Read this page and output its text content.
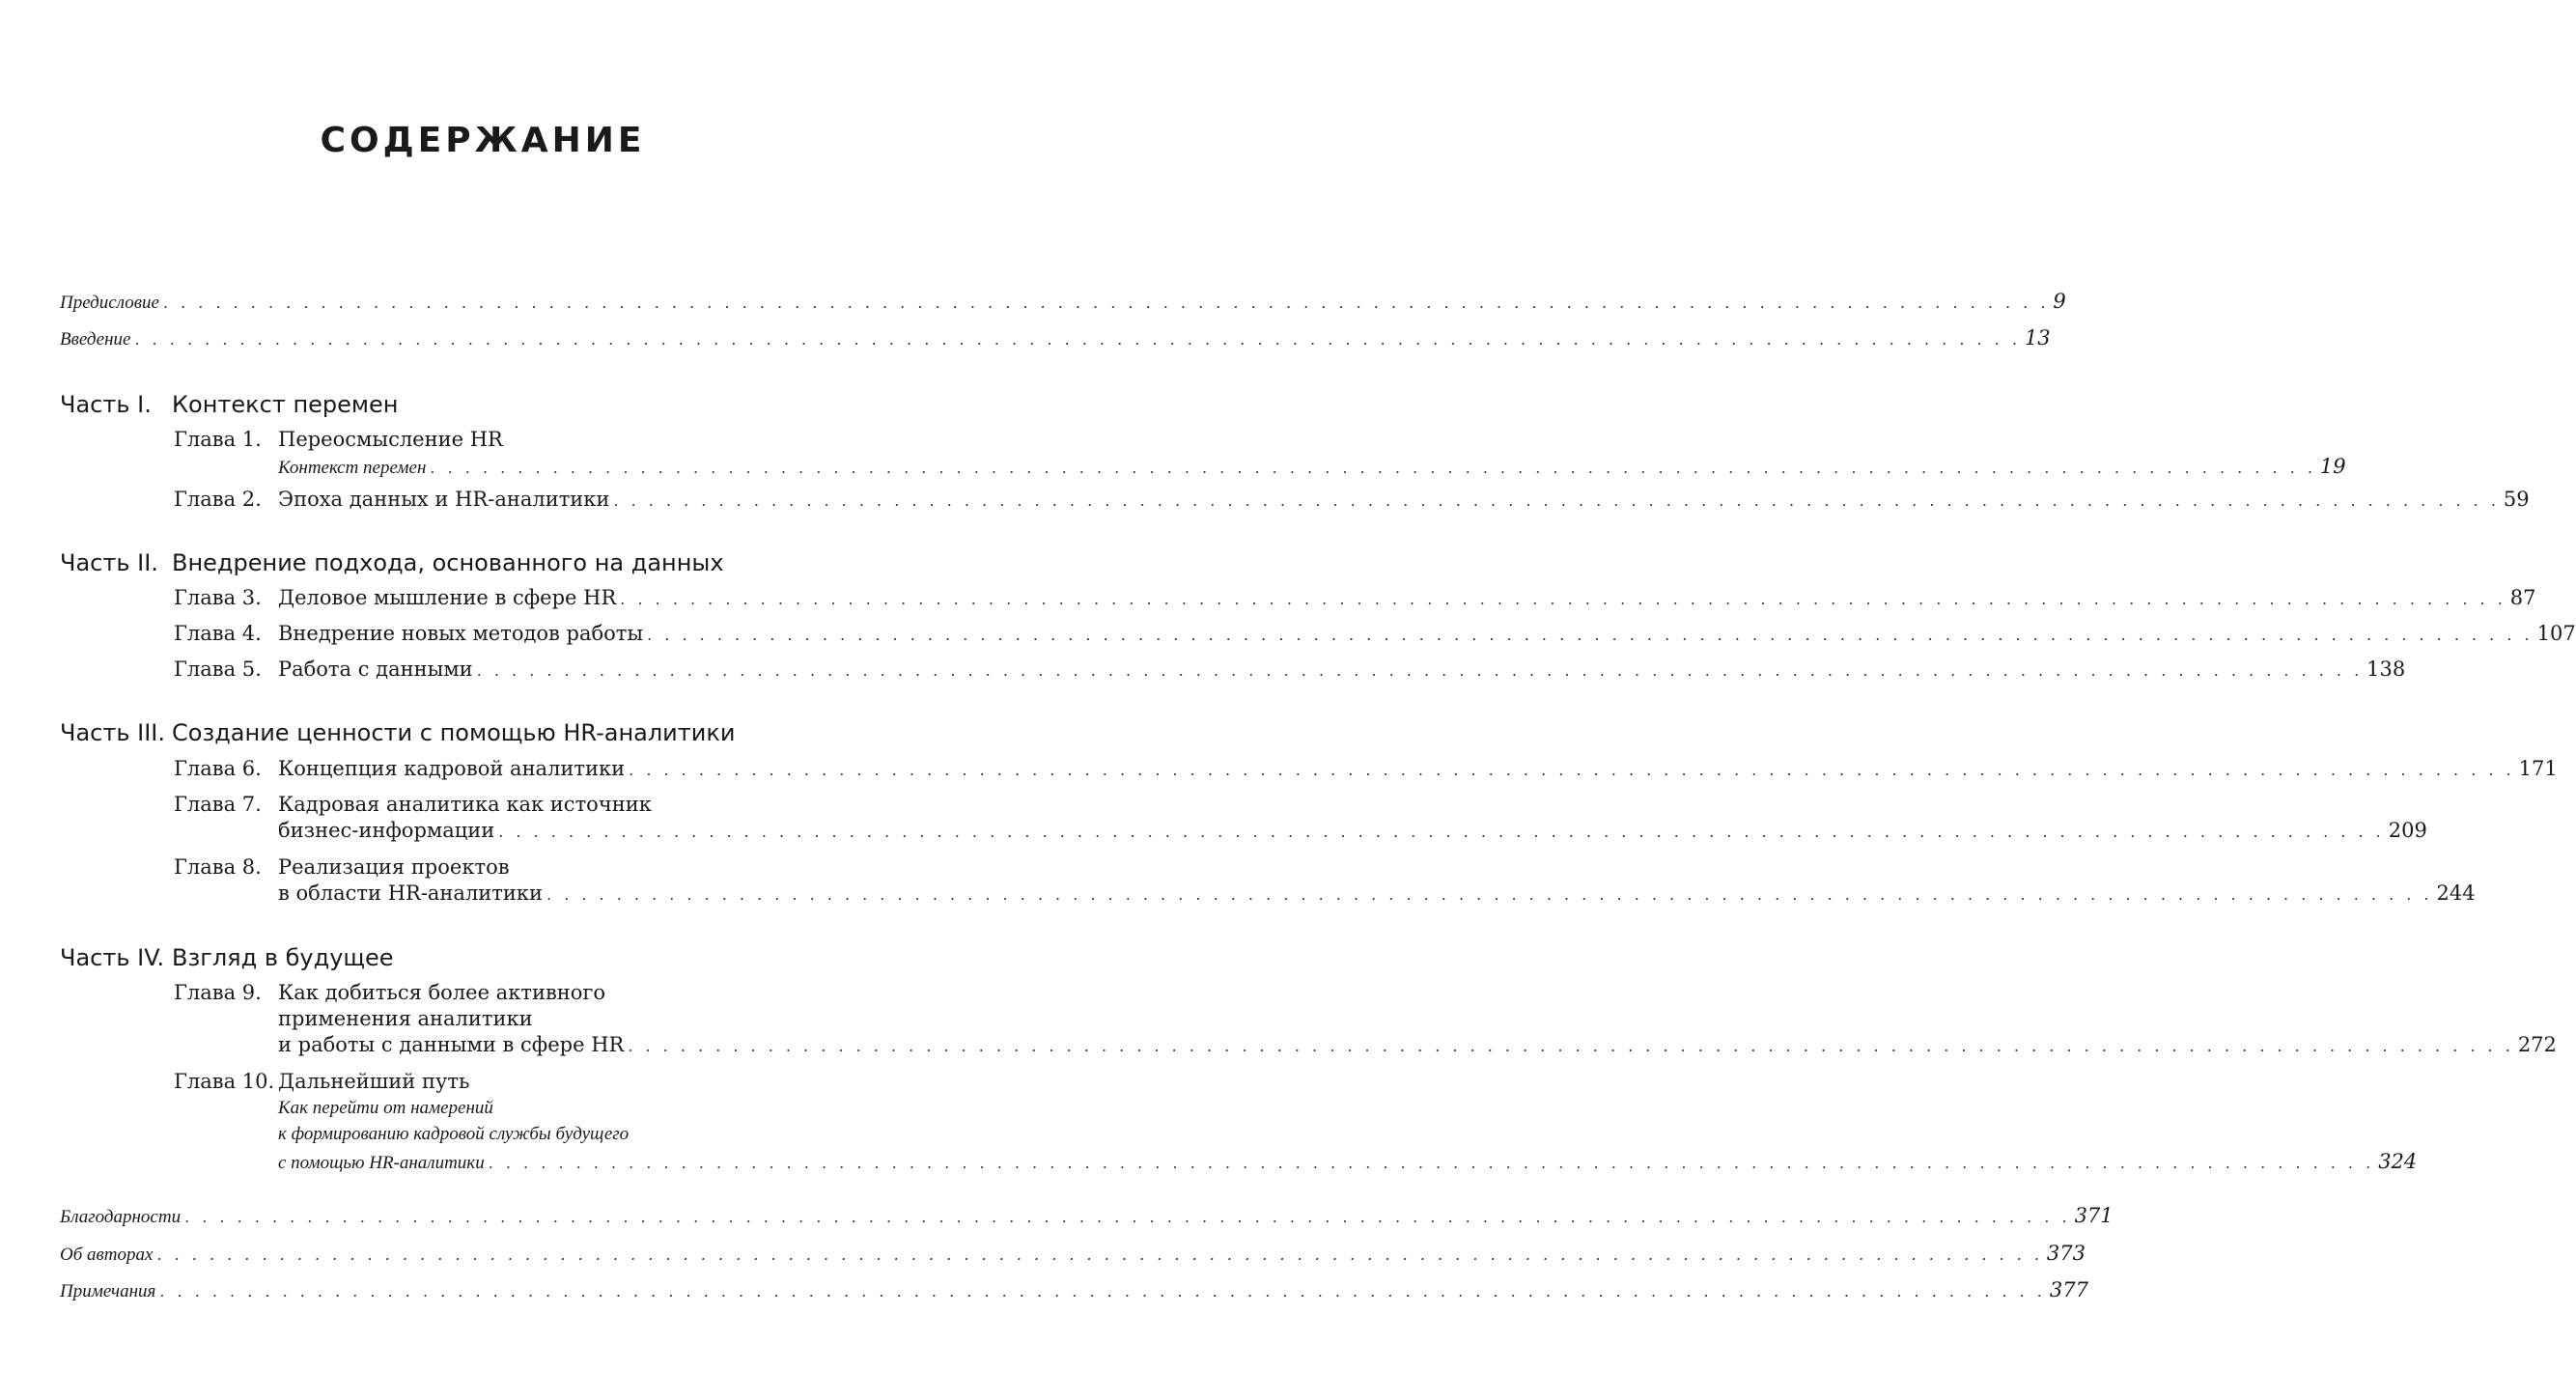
СОДЕРЖАНИЕ
Предисловие . . . . . . . . . . . . . . . . . . . . . . . . . . . . . . . . . . . . . . . . . . . . . . . . . . . . . . . . . . . . . . . . . . . . . . . . . . . . . . . . . . . . . . . . . . . . . . . . . . . . . . . . . . . . 9
Введение . . . . . . . . . . . . . . . . . . . . . . . . . . . . . . . . . . . . . . . . . . . . . . . . . . . . . . . . . . . . . . . . . . . . . . . . . . . . . . . . . . . . . . . . . . . . . . . . . . . . . . . . . . . . 13
Часть I. Контекст перемен
Глава 1. Переосмысление HR
Контекст перемен . . . . . . . . . . . . . . . . . . . . . . . . . . . . . . . . . . . . . . . . . . . . . . . . . . . . . . . . . . . . . . . . . . . . . . . . . . . . . . . . . . . . . . . . . . . . . . . . . . . . . . . . . . . . 19
Глава 2. Эпоха данных и HR-аналитики . . . . . . . . . . . . . . . . . . . . . . . . . . . . . . . . . . . . . . . . . . . . . . . . . . . . . . . . . . . . . . . . . . . . . . . . . . . . . . . . . . . . . . . . . . . . . . . . . . . . . . . . . . . . 59
Часть II. Внедрение подхода, основанного на данных
Глава 3. Деловое мышление в сфере HR . . . . . . . . . . . . . . . . . . . . . . . . . . . . . . . . . . . . . . . . . . . . . . . . . . . . . . . . . . . . . . . . . . . . . . . . . . . . . . . . . . . . . . . . . . . . . . . . . . . . . . . . . . . . 87
Глава 4. Внедрение новых методов работы . . . . . . . . . . . . . . . . . . . . . . . . . . . . . . . . . . . . . . . . . . . . . . . . . . . . . . . . . . . . . . . . . . . . . . . . . . . . . . . . . . . . . . . . . . . . . . . . . . . . . . . . . . . . 107
Глава 5. Работа с данными . . . . . . . . . . . . . . . . . . . . . . . . . . . . . . . . . . . . . . . . . . . . . . . . . . . . . . . . . . . . . . . . . . . . . . . . . . . . . . . . . . . . . . . . . . . . . . . . . . . . . . . . . . . . 138
Часть III. Создание ценности с помощью HR-аналитики
Глава 6. Концепция кадровой аналитики . . . . . . . . . . . . . . . . . . . . . . . . . . . . . . . . . . . . . . . . . . . . . . . . . . . . . . . . . . . . . . . . . . . . . . . . . . . . . . . . . . . . . . . . . . . . . . . . . . . . . . . . . . . . 171
Глава 7. Кадровая аналитика как источник
бизнес-информации . . . . . . . . . . . . . . . . . . . . . . . . . . . . . . . . . . . . . . . . . . . . . . . . . . . . . . . . . . . . . . . . . . . . . . . . . . . . . . . . . . . . . . . . . . . . . . . . . . . . . . . . . . . . 209
Глава 8. Реализация проектов
в области HR-аналитики . . . . . . . . . . . . . . . . . . . . . . . . . . . . . . . . . . . . . . . . . . . . . . . . . . . . . . . . . . . . . . . . . . . . . . . . . . . . . . . . . . . . . . . . . . . . . . . . . . . . . . . . . . . . 244
Часть IV. Взгляд в будущее
Глава 9. Как добиться более активного
применения аналитики
и работы с данными в сфере HR . . . . . . . . . . . . . . . . . . . . . . . . . . . . . . . . . . . . . . . . . . . . . . . . . . . . . . . . . . . . . . . . . . . . . . . . . . . . . . . . . . . . . . . . . . . . . . . . . . . . . . . . . . . . 272
Глава 10. Дальнейший путь
Как перейти от намерений
к формированию кадровой службы будущего
с помощью HR-аналитики . . . . . . . . . . . . . . . . . . . . . . . . . . . . . . . . . . . . . . . . . . . . . . . . . . . . . . . . . . . . . . . . . . . . . . . . . . . . . . . . . . . . . . . . . . . . . . . . . . . . . . . . . . . . 324
Благодарности . . . . . . . . . . . . . . . . . . . . . . . . . . . . . . . . . . . . . . . . . . . . . . . . . . . . . . . . . . . . . . . . . . . . . . . . . . . . . . . . . . . . . . . . . . . . . . . . . . . . . . . . . . . . 371
Об авторах . . . . . . . . . . . . . . . . . . . . . . . . . . . . . . . . . . . . . . . . . . . . . . . . . . . . . . . . . . . . . . . . . . . . . . . . . . . . . . . . . . . . . . . . . . . . . . . . . . . . . . . . . . . . 373
Примечания . . . . . . . . . . . . . . . . . . . . . . . . . . . . . . . . . . . . . . . . . . . . . . . . . . . . . . . . . . . . . . . . . . . . . . . . . . . . . . . . . . . . . . . . . . . . . . . . . . . . . . . . . . . . 377
